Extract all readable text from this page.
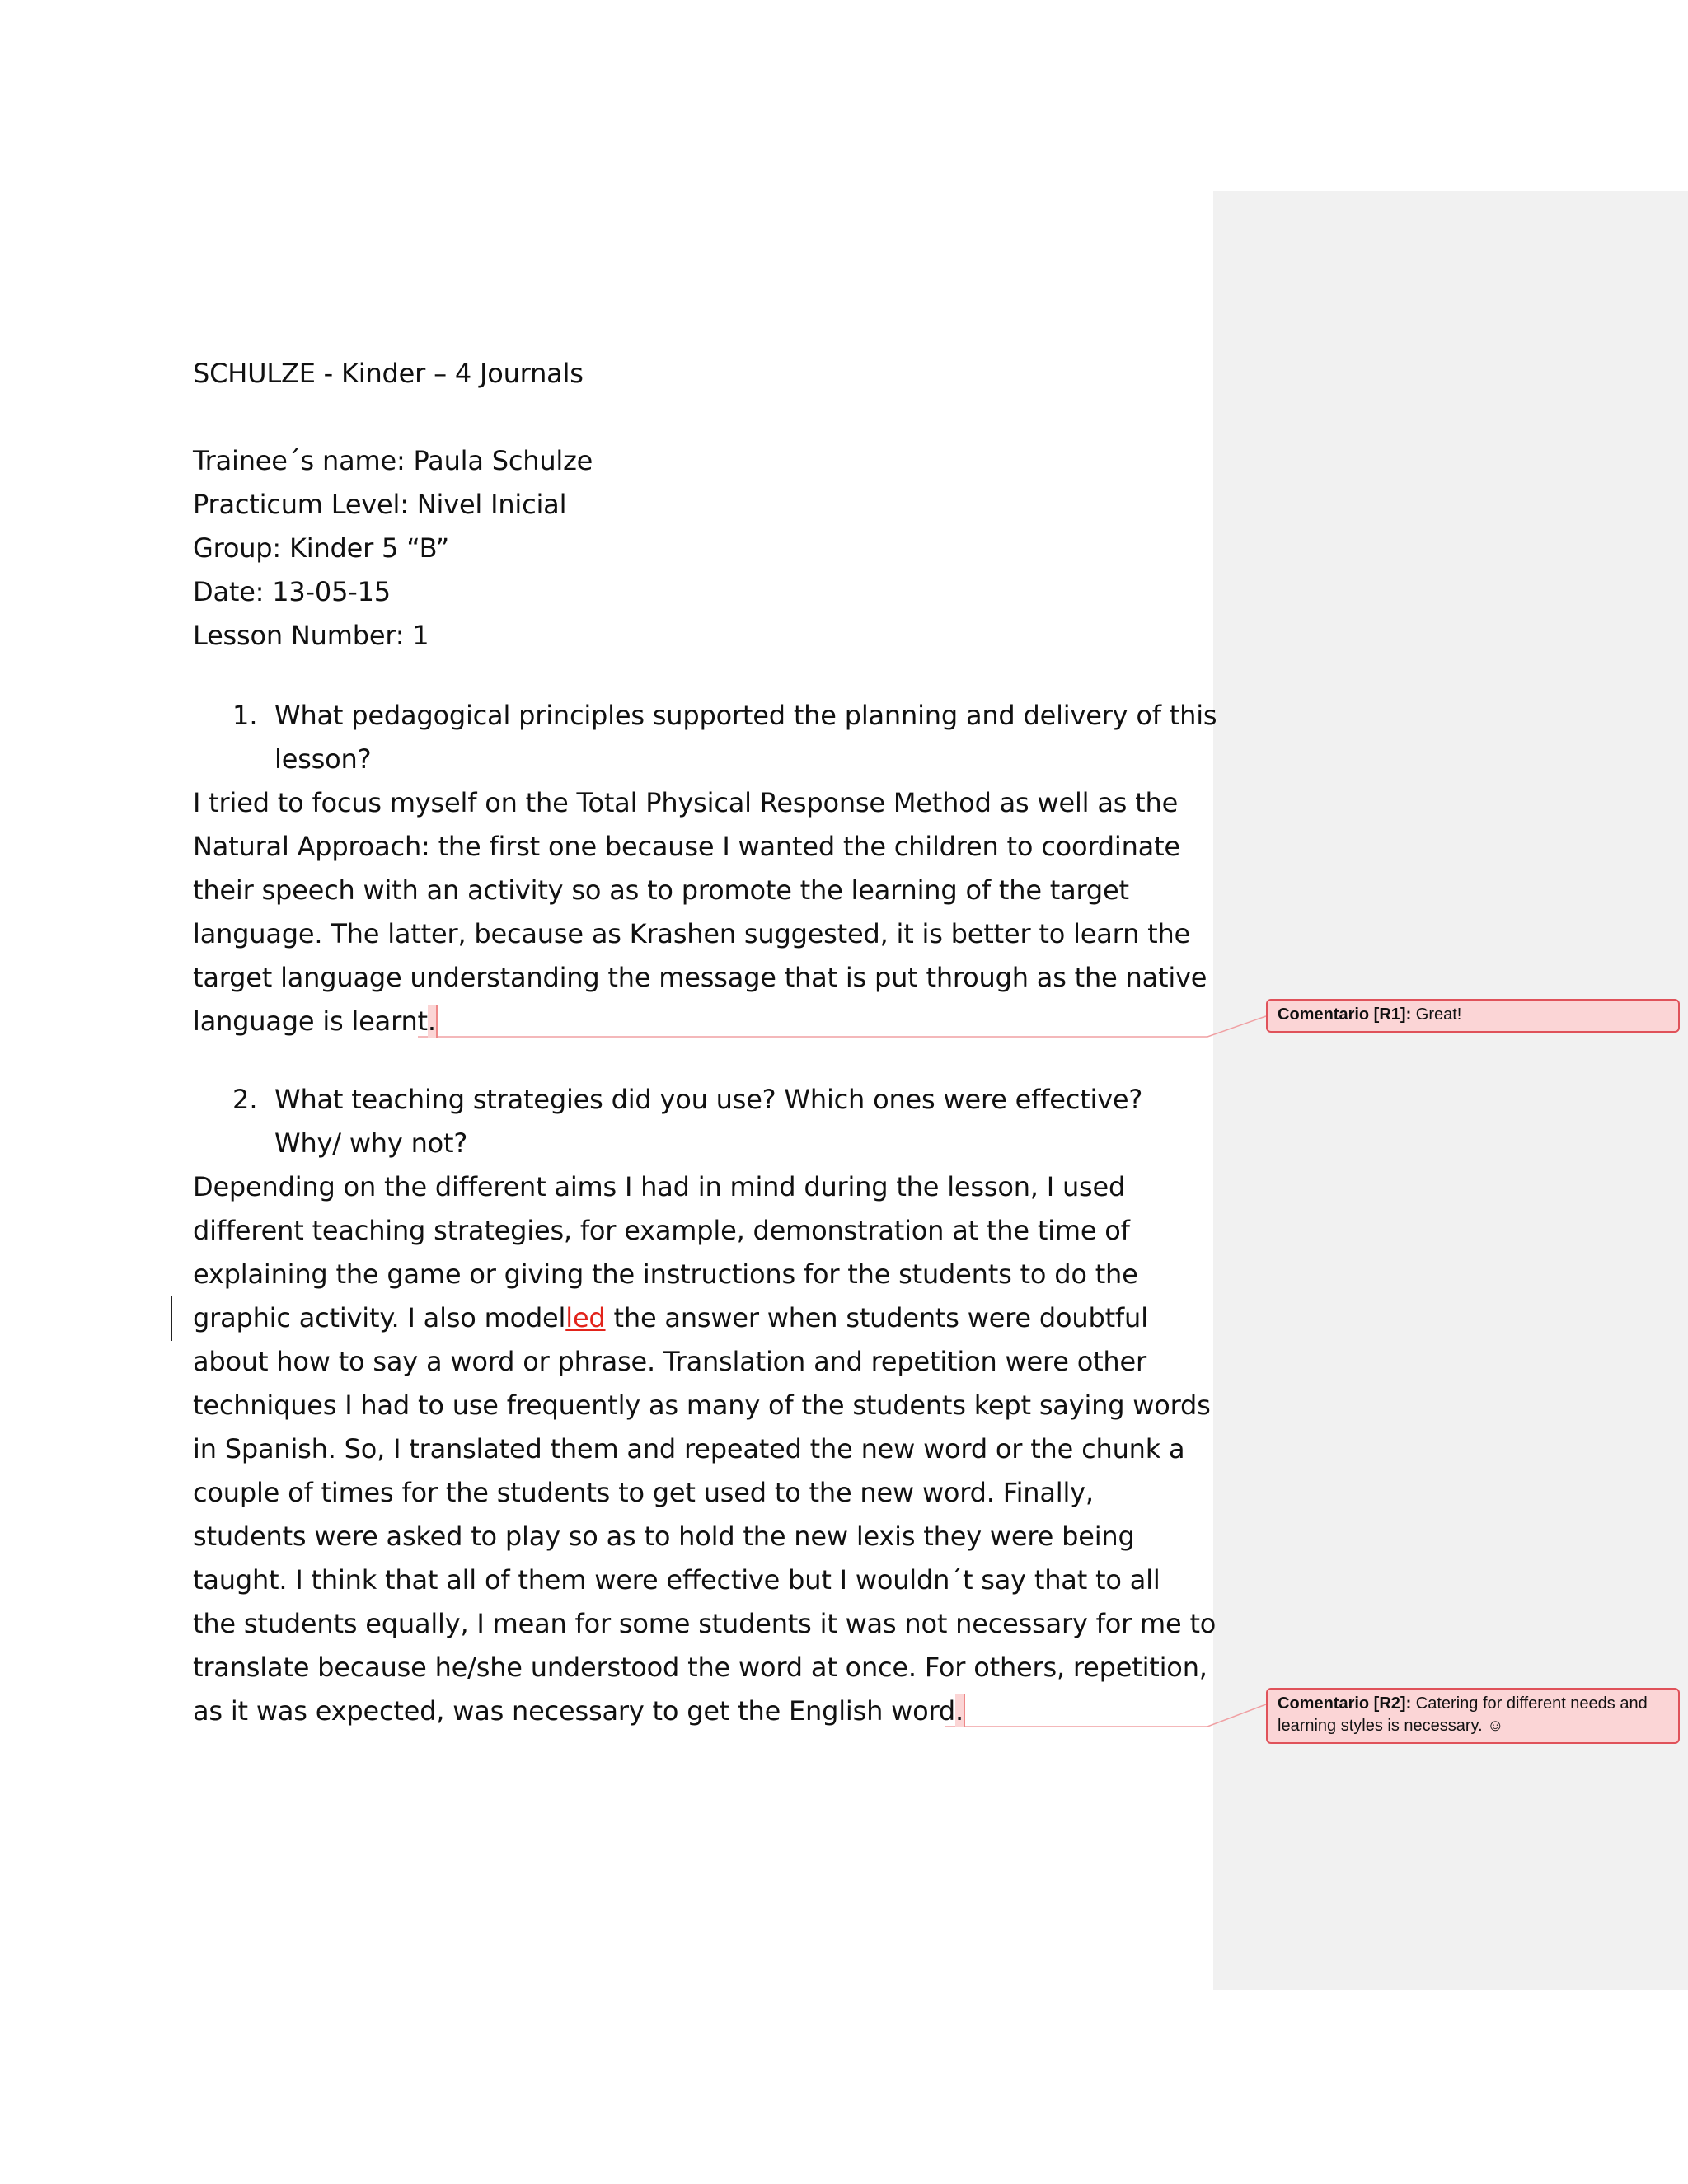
SCHULZE - Kinder – 4 Journals
Trainee´s name: Paula Schulze
Practicum Level: Nivel Inicial
Group: Kinder 5 “B”
Date: 13-05-15
Lesson Number: 1
1. What pedagogical principles supported the planning and delivery of this
lesson?
I tried to focus myself on the Total Physical Response Method as well as the
Natural Approach: the first one because I wanted the children to coordinate
their speech with an activity so as to promote the learning of the target
language. The latter, because as Krashen suggested, it is better to learn the
target language understanding the message that is put through as the native
language is learnt.
2. What teaching strategies did you use? Which ones were effective?
Why/ why not?
Depending on the different aims I had in mind during the lesson, I used
different teaching strategies, for example, demonstration at the time of
explaining the game or giving the instructions for the students to do the
graphic activity. I also modelled the answer when students were doubtful
about how to say a word or phrase. Translation and repetition were other
techniques I had to use frequently as many of the students kept saying words
in Spanish. So, I translated them and repeated the new word or the chunk a
couple of times for the students to get used to the new word. Finally,
students were asked to play so as to hold the new lexis they were being
taught. I think that all of them were effective but I wouldn´t say that to all
the students equally, I mean for some students it was not necessary for me to
translate because he/she understood the word at once. For others, repetition,
as it was expected, was necessary to get the English word.
Comentario [R1]: Great!
Comentario [R2]: Catering for different needs and learning styles is necessary. ☺
